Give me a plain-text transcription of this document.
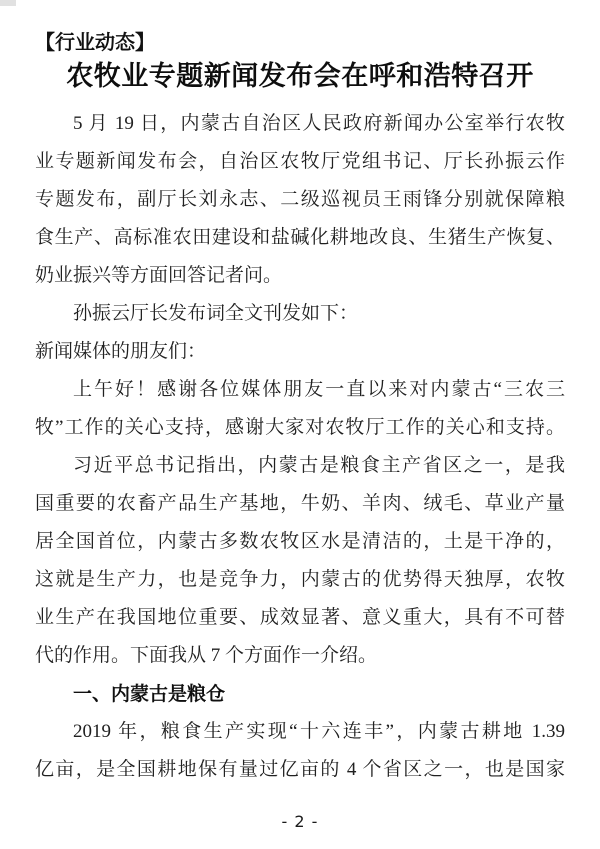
【行业动态】
农牧业专题新闻发布会在呼和浩特召开
5 月 19 日，内蒙古自治区人民政府新闻办公室举行农牧
业专题新闻发布会，自治区农牧厅党组书记、厅长孙振云作
专题发布，副厅长刘永志、二级巡视员王雨锋分别就保障粮
食生产、高标准农田建设和盐碱化耕地改良、生猪生产恢复、
奶业振兴等方面回答记者问。
孙振云厅长发布词全文刊发如下：
新闻媒体的朋友们：
上午好！感谢各位媒体朋友一直以来对内蒙古“三农三
牧”工作的关心支持，感谢大家对农牧厅工作的关心和支持。
习近平总书记指出，内蒙古是粮食主产省区之一，是我
国重要的农畜产品生产基地，牛奶、羊肉、绒毛、草业产量
居全国首位，内蒙古多数农牧区水是清洁的，土是干净的，
这就是生产力，也是竞争力，内蒙古的优势得天独厚，农牧
业生产在我国地位重要、成效显著、意义重大，具有不可替
代的作用。下面我从 7 个方面作一介绍。
一、内蒙古是粮仓
2019 年，粮食生产实现“十六连丰”，内蒙古耕地 1.39
亿亩，是全国耕地保有量过亿亩的 4 个省区之一，也是国家
- 2 -
